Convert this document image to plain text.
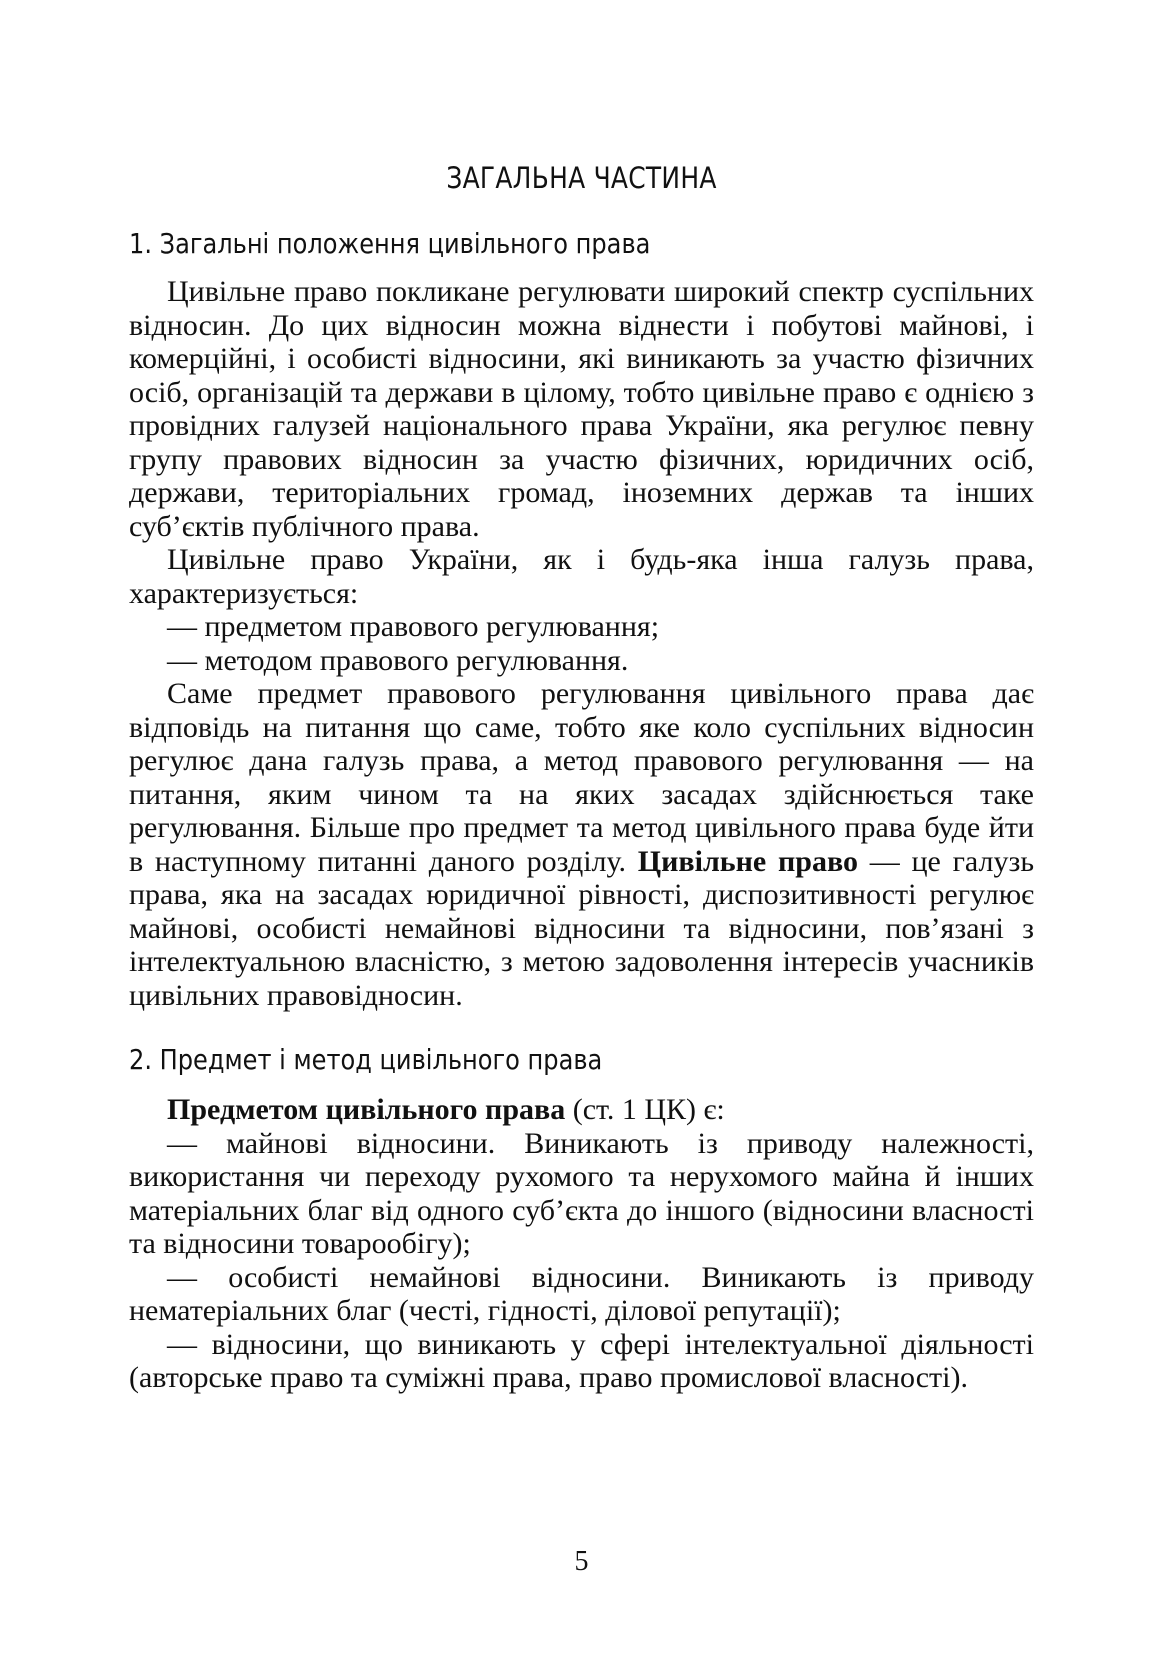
ЗАГАЛЬНА ЧАСТИНА
1. Загальні положення цивільного права

Цивільне право покликане регулювати широкий спектр суспільних відносин. До цих відносин можна віднести і побутові майнові, і комерційні, і особисті відносини, які виникають за участю фізичних осіб, організацій та держави в цілому, тобто цивільне право є однією з провідних галузей національного права України, яка регулює певну групу правових відносин за участю фізичних, юридичних осіб, держави, територіальних громад, іноземних держав та інших суб’єктів публічного права.

Цивільне право України, як і будь-яка інша галузь права, характеризується:

— предметом правового регулювання;

— методом правового регулювання.

Саме предмет правового регулювання цивільного права дає відповідь на питання що саме, тобто яке коло суспільних відносин регулює дана галузь права, а метод правового регулювання — на питання, яким чином та на яких засадах здійснюється таке регулювання. Більше про предмет та метод цивільного права буде йти в наступному питанні даного розділу. Цивільне право — це галузь права, яка на засадах юридичної рівності, диспозитивності регулює майнові, особисті немайнові відносини та відносини, пов’язані з інтелектуальною власністю, з метою задоволення інтересів учасників цивільних правовідносин.

2. Предмет і метод цивільного права

Предметом цивільного права (ст. 1 ЦК) є:

— майнові відносини. Виникають із приводу належності, використання чи переходу рухомого та нерухомого майна й інших матеріальних благ від одного суб’єкта до іншого (відносини власності та відносини товарообігу);

— особисті немайнові відносини. Виникають із приводу нематеріальних благ (честі, гідності, ділової репутації);

— відносини, що виникають у сфері інтелектуальної діяльності (авторське право та суміжні права, право промислової власності).

5
